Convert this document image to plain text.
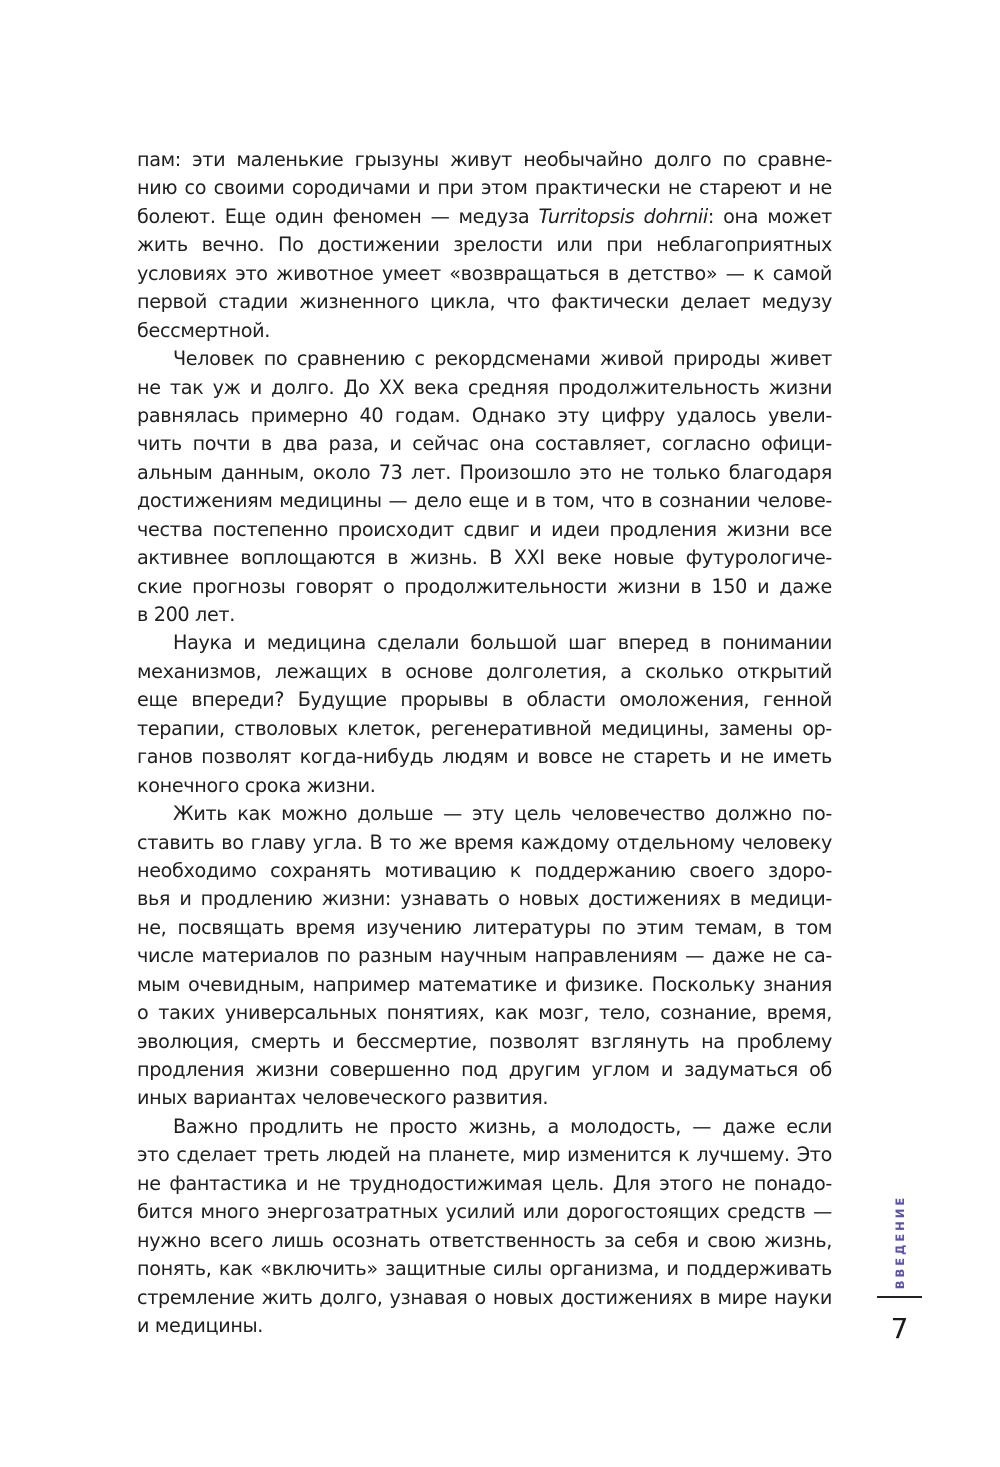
пам: эти маленькие грызуны живут необычайно долго по сравне-
нию со своими сородичами и при этом практически не стареют и не
болеют. Еще один феномен — медуза Turritopsis dohrnii: она может
жить вечно. По достижении зрелости или при неблагоприятных
условиях это животное умеет «возвращаться в детство» — к самой
первой стадии жизненного цикла, что фактически делает медузу
бессмертной.
Человек по сравнению с рекордсменами живой природы живет
не так уж и долго. До XX века средняя продолжительность жизни
равнялась примерно 40 годам. Однако эту цифру удалось увели-
чить почти в два раза, и сейчас она составляет, согласно офици-
альным данным, около 73 лет. Произошло это не только благодаря
достижениям медицины — дело еще и в том, что в сознании челове-
чества постепенно происходит сдвиг и идеи продления жизни все
активнее воплощаются в жизнь. В XXI веке новые футурологиче-
ские прогнозы говорят о продолжительности жизни в 150 и даже
в 200 лет.
Наука и медицина сделали большой шаг вперед в понимании
механизмов, лежащих в основе долголетия, а сколько открытий
еще впереди? Будущие прорывы в области омоложения, генной
терапии, стволовых клеток, регенеративной медицины, замены ор-
ганов позволят когда-нибудь людям и вовсе не стареть и не иметь
конечного срока жизни.
Жить как можно дольше — эту цель человечество должно по-
ставить во главу угла. В то же время каждому отдельному человеку
необходимо сохранять мотивацию к поддержанию своего здоро-
вья и продлению жизни: узнавать о новых достижениях в медици-
не, посвящать время изучению литературы по этим темам, в том
числе материалов по разным научным направлениям — даже не са-
мым очевидным, например математике и физике. Поскольку знания
о таких универсальных понятиях, как мозг, тело, сознание, время,
эволюция, смерть и бессмертие, позволят взглянуть на проблему
продления жизни совершенно под другим углом и задуматься об
иных вариантах человеческого развития.
Важно продлить не просто жизнь, а молодость, — даже если
это сделает треть людей на планете, мир изменится к лучшему. Это
не фантастика и не труднодостижимая цель. Для этого не понадо-
бится много энергозатратных усилий или дорогостоящих средств —
нужно всего лишь осознать ответственность за себя и свою жизнь,
понять, как «включить» защитные силы организма, и поддерживать
стремление жить долго, узнавая о новых достижениях в мире науки
и медицины.
ВВЕДЕНИЕ
7
